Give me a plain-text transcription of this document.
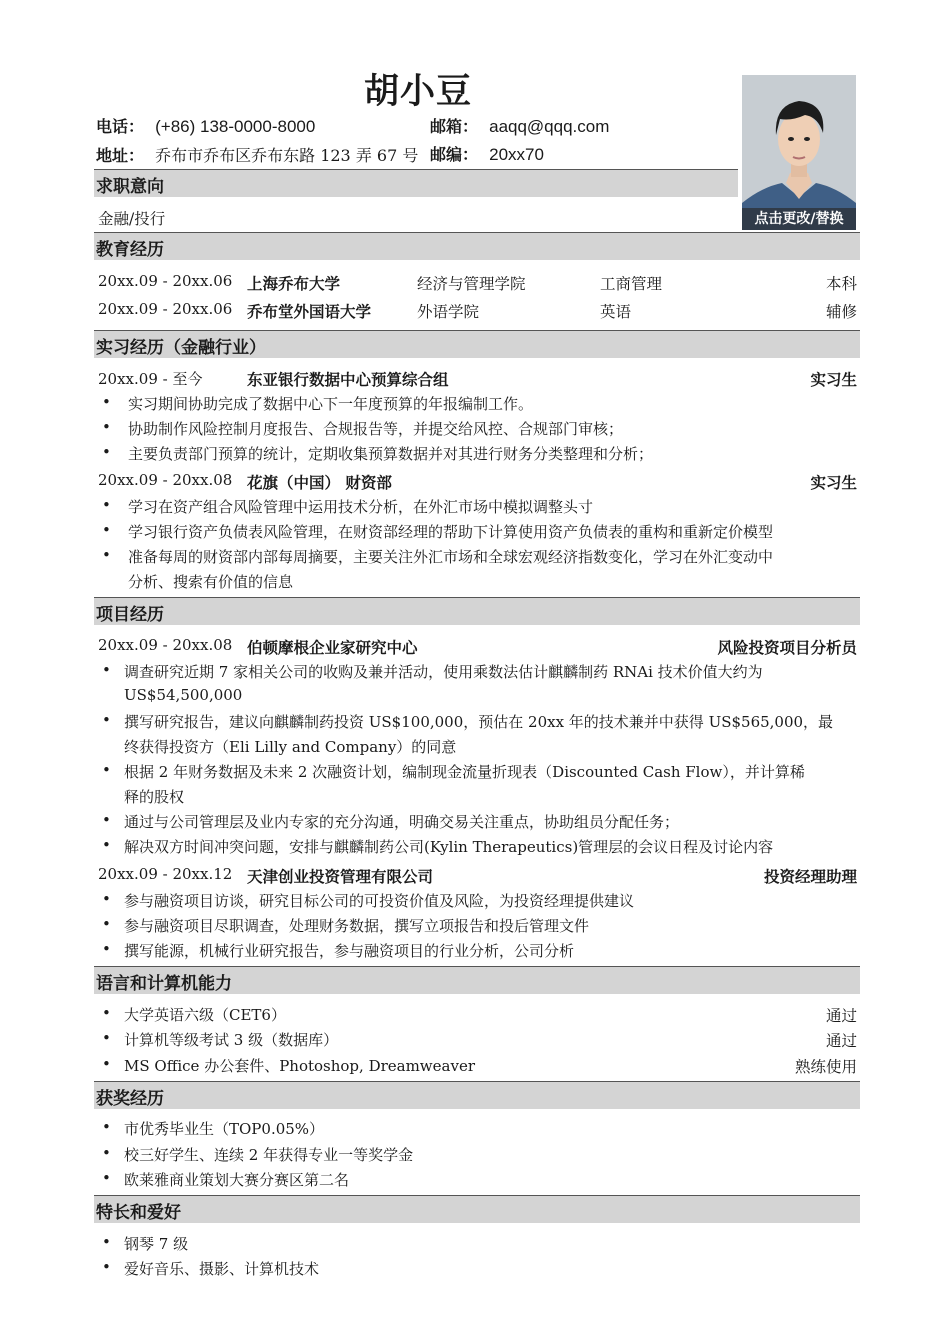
胡小豆
电话： (+86) 138-0000-8000	邮箱： aaqq@qqq.com
地址： 乔布市乔布区乔布东路 123 弄 67 号 邮编： 20xx70
点击更改/替换
求职意向
金融/投行
教育经历
20xx.09 - 20xx.06 上海乔布大学	经济与管理学院	工商管理	本科
20xx.09 - 20xx.06 乔布堂外国语大学	外语学院	英语	辅修
实习经历（金融行业）
20xx.09 - 至今	东亚银行数据中心预算综合组	实习生
• 实习期间协助完成了数据中心下一年度预算的年报编制工作。
• 协助制作风险控制月度报告、合规报告等，并提交给风控、合规部门审核；
• 主要负责部门预算的统计，定期收集预算数据并对其进行财务分类整理和分析；
20xx.09 - 20xx.08 花旗（中国） 财资部	实习生
• 学习在资产组合风险管理中运用技术分析，在外汇市场中模拟调整头寸
• 学习银行资产负债表风险管理，在财资部经理的帮助下计算使用资产负债表的重构和重新定价模型
• 准备每周的财资部内部每周摘要，主要关注外汇市场和全球宏观经济指数变化，学习在外汇变动中
分析、搜索有价值的信息
项目经历
20xx.09 - 20xx.08 伯顿摩根企业家研究中心	风险投资项目分析员
• 调查研究近期 7 家相关公司的收购及兼并活动，使用乘数法估计麒麟制药 RNAi 技术价值大约为
US$54,500,000
• 撰写研究报告，建议向麒麟制药投资 US$100,000，预估在 20xx 年的技术兼并中获得 US$565,000，最
终获得投资方（Eli Lilly and Company）的同意
• 根据 2 年财务数据及未来 2 次融资计划，编制现金流量折现表（Discounted Cash Flow），并计算稀
释的股权
• 通过与公司管理层及业内专家的充分沟通，明确交易关注重点，协助组员分配任务；
• 解决双方时间冲突问题，安排与麒麟制药公司(Kylin Therapeutics)管理层的会议日程及讨论内容
20xx.09 - 20xx.12 天津创业投资管理有限公司	投资经理助理
• 参与融资项目访谈，研究目标公司的可投资价值及风险，为投资经理提供建议
• 参与融资项目尽职调查，处理财务数据，撰写立项报告和投后管理文件
• 撰写能源，机械行业研究报告，参与融资项目的行业分析，公司分析
语言和计算机能力
• 大学英语六级（CET6）	通过
• 计算机等级考试 3 级（数据库）	通过
• MS Office 办公套件、Photoshop, Dreamweaver	熟练使用
获奖经历
• 市优秀毕业生（TOP0.05%）
• 校三好学生、连续 2 年获得专业一等奖学金
• 欧莱雅商业策划大赛分赛区第二名
特长和爱好
• 钢琴 7 级
• 爱好音乐、摄影、计算机技术
